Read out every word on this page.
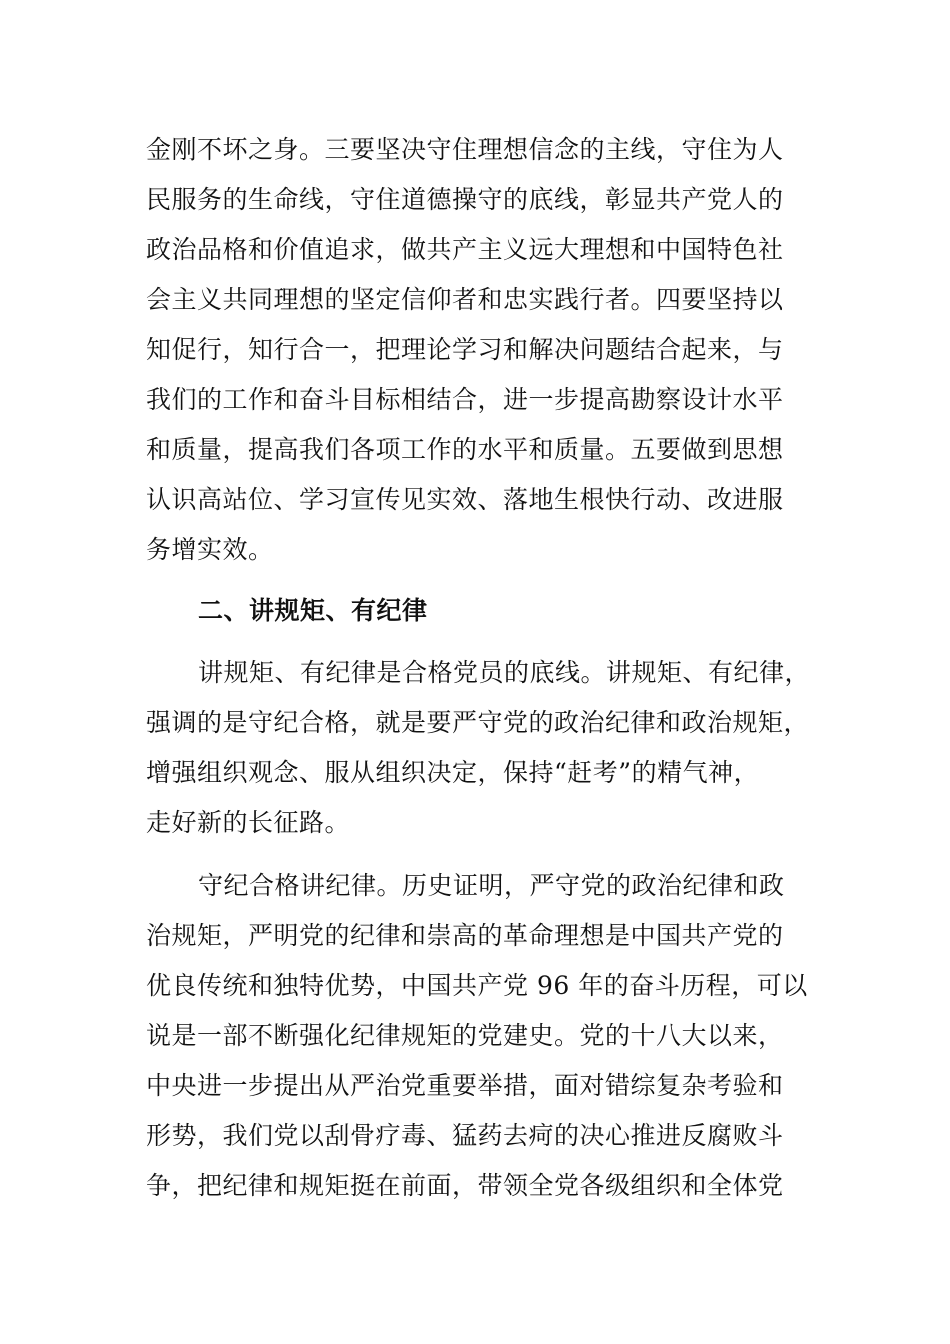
金刚不坏之身。三要坚决守住理想信念的主线，守住为人
民服务的生命线，守住道德操守的底线，彰显共产党人的
政治品格和价值追求，做共产主义远大理想和中国特色社
会主义共同理想的坚定信仰者和忠实践行者。四要坚持以
知促行，知行合一，把理论学习和解决问题结合起来，与
我们的工作和奋斗目标相结合，进一步提高勘察设计水平
和质量，提高我们各项工作的水平和质量。五要做到思想
认识高站位、学习宣传见实效、落地生根快行动、改进服
务增实效。
二、讲规矩、有纪律
讲规矩、有纪律是合格党员的底线。讲规矩、有纪律，
强调的是守纪合格，就是要严守党的政治纪律和政治规矩，
增强组织观念、服从组织决定，保持“赶考”的精气神，
走好新的长征路。
守纪合格讲纪律。历史证明，严守党的政治纪律和政
治规矩，严明党的纪律和崇高的革命理想是中国共产党的
优良传统和独特优势，中国共产党 96 年的奋斗历程，可以
说是一部不断强化纪律规矩的党建史。党的十八大以来，
中央进一步提出从严治党重要举措，面对错综复杂考验和
形势，我们党以刮骨疗毒、猛药去疴的决心推进反腐败斗
争，把纪律和规矩挺在前面，带领全党各级组织和全体党
